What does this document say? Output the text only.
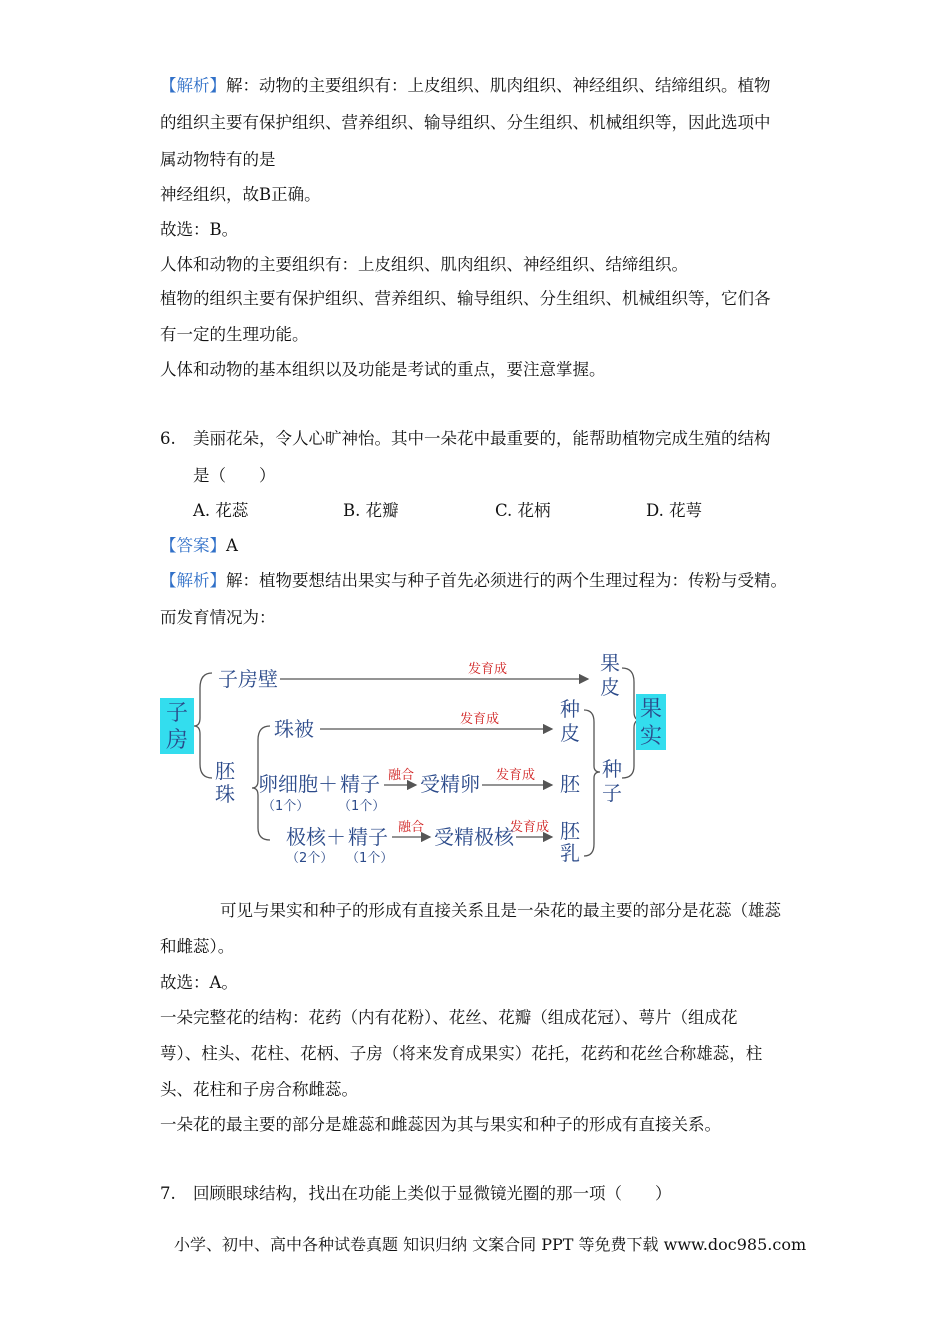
【解析】解：动物的主要组织有：上皮组织、肌肉组织、神经组织、结缔组织。植物
的组织主要有保护组织、营养组织、输导组织、分生组织、机械组织等，因此选项中
属动物特有的是
神经组织，故B正确。
故选：B。
人体和动物的主要组织有：上皮组织、肌肉组织、神经组织、结缔组织。
植物的组织主要有保护组织、营养组织、输导组织、分生组织、机械组织等，它们各
有一定的生理功能。
人体和动物的基本组织以及功能是考试的重点，要注意掌握。
6. 美丽花朵，令人心旷神怡。其中一朵花中最重要的，能帮助植物完成生殖的结构
是（　　）
A. 花蕊	B. 花瓣	C. 花柄	D. 花萼
【答案】A
【解析】解：植物要想结出果实与种子首先必须进行的两个生理过程为：传粉与受精。
而发育情况为：
子
房
子房壁	发育成	果
皮
胚
珠
珠被	发育成	种
皮
卵细胞 ＋ 精子
（1个） （1个）
融合 受精卵 发育成 胚
极核 ＋ 精子
（2个） （1个）
融合 受精极核
发育成 胚
乳
种
子
果
实
可见与果实和种子的形成有直接关系且是一朵花的最主要的部分是花蕊（雄蕊
和雌蕊）。
故选：A。
一朵完整花的结构：花药（内有花粉）、花丝、花瓣（组成花冠）、萼片（组成花
萼）、柱头、花柱、花柄、子房（将来发育成果实）花托，花药和花丝合称雄蕊，柱
头、花柱和子房合称雌蕊。
一朵花的最主要的部分是雄蕊和雌蕊因为其与果实和种子的形成有直接关系。
7. 回顾眼球结构，找出在功能上类似于显微镜光圈的那一项（　　）
小学、初中、高中各种试卷真题 知识归纳 文案合同 PPT 等免费下载 www.doc985.com
